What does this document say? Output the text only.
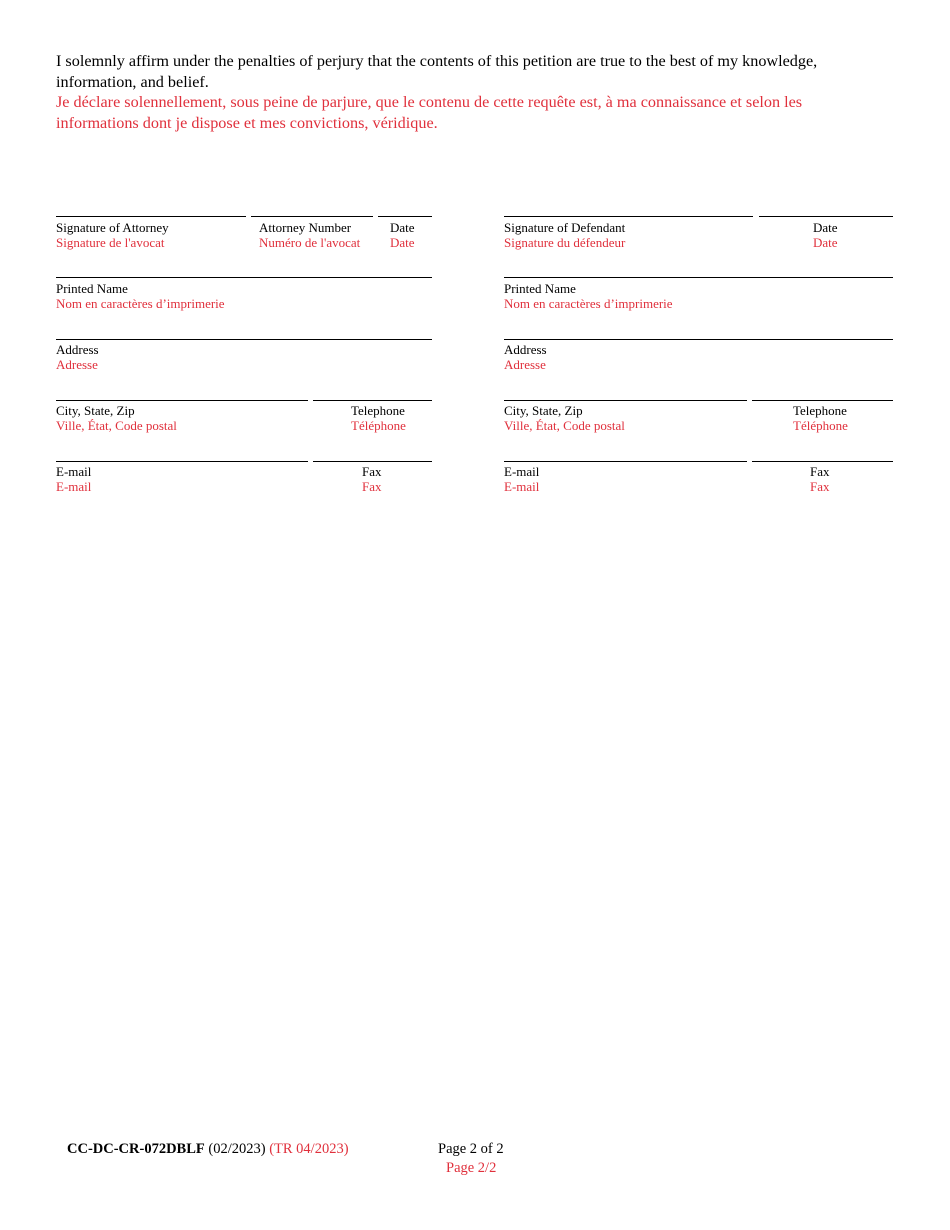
I solemnly affirm under the penalties of perjury that the contents of this petition are true to the best of my knowledge, information, and belief.
Je déclare solennellement, sous peine de parjure, que le contenu de cette requête est, à ma connaissance et selon les informations dont je dispose et mes convictions, véridique.
Signature of Attorney
Signature de l'avocat
Attorney Number
Numéro de l'avocat
Date
Date
Printed Name
Nom en caractères d’imprimerie
Address
Adresse
City, State, Zip
Ville, État, Code postal
Telephone
Téléphone
E-mail
E-mail
Fax
Fax
Signature of Defendant
Signature du défendeur
Date
Date
Printed Name
Nom en caractères d’imprimerie
Address
Adresse
City, State, Zip
Ville, État, Code postal
Telephone
Téléphone
E-mail
E-mail
Fax
Fax
CC-DC-CR-072DBLF (02/2023) (TR 04/2023)	Page 2 of 2
Page 2/2
